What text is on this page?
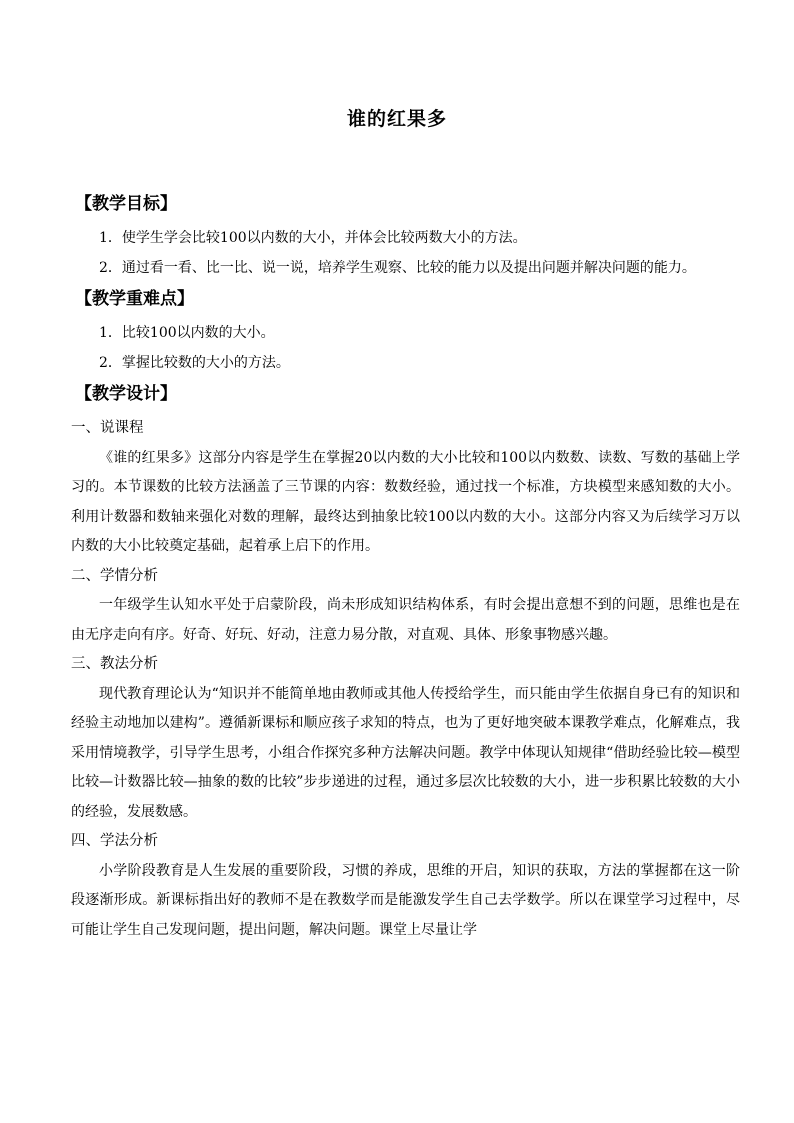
谁的红果多
【教学目标】

1．使学生学会比较100以内数的大小，并体会比较两数大小的方法。

2．通过看一看、比一比、说一说，培养学生观察、比较的能力以及提出问题并解决问题的能力。

【教学重难点】

1．比较100以内数的大小。

2．掌握比较数的大小的方法。

【教学设计】

一、说课程

《谁的红果多》这部分内容是学生在掌握20以内数的大小比较和100以内数数、读数、写数的基础上学习的。本节课数的比较方法涵盖了三节课的内容：数数经验，通过找一个标准，方块模型来感知数的大小。利用计数器和数轴来强化对数的理解，最终达到抽象比较100以内数的大小。这部分内容又为后续学习万以内数的大小比较奠定基础，起着承上启下的作用。

二、学情分析

一年级学生认知水平处于启蒙阶段，尚未形成知识结构体系，有时会提出意想不到的问题，思维也是在由无序走向有序。好奇、好玩、好动，注意力易分散，对直观、具体、形象事物感兴趣。

三、教法分析

现代教育理论认为“知识并不能简单地由教师或其他人传授给学生，而只能由学生依据自身已有的知识和经验主动地加以建构”。遵循新课标和顺应孩子求知的特点，也为了更好地突破本课教学难点，化解难点，我采用情境教学，引导学生思考，小组合作探究多种方法解决问题。教学中体现认知规律“借助经验比较—模型比较—计数器比较—抽象的数的比较”步步递进的过程，通过多层次比较数的大小，进一步积累比较数的大小的经验，发展数感。

四、学法分析

小学阶段教育是人生发展的重要阶段，习惯的养成，思维的开启，知识的获取，方法的掌握都在这一阶段逐渐形成。新课标指出好的教师不是在教数学而是能激发学生自己去学数学。所以在课堂学习过程中，尽可能让学生自己发现问题，提出问题，解决问题。课堂上尽量让学
